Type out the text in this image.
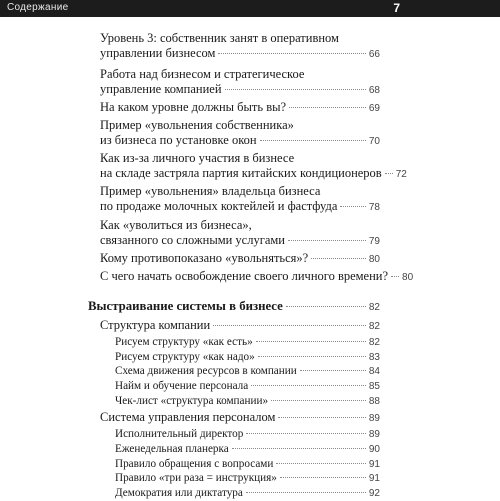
Содержание	7
Уровень 3: собственник занят в оперативном
управлении бизнесом	66
Работа над бизнесом и стратегическое
управление компанией	68
На каком уровне должны быть вы?	69
Пример «увольнения собственника»
из бизнеса по установке окон	70
Как из-за личного участия в бизнесе
на складе застряла партия китайских кондиционеров 72
Пример «увольнения» владельца бизнеса
по продаже молочных коктейлей и фастфуда	78
Как «уволиться из бизнеса»,
связанного со сложными услугами	79
Кому противопоказано «увольняться»?	80
С чего начать освобождение своего личного времени? 80
Выстраивание системы в бизнесе	82
Структура компании	82
Рисуем структуру «как есть»	82
Рисуем структуру «как надо»	83
Схема движения ресурсов в компании	84
Найм и обучение персонала	85
Чек-лист «структура компании»	88
Система управления персоналом	89
Исполнительный директор	89
Еженедельная планерка	90
Правило обращения с вопросами	91
Правило «три раза = инструкция»	91
Демократия или диктатура	92
